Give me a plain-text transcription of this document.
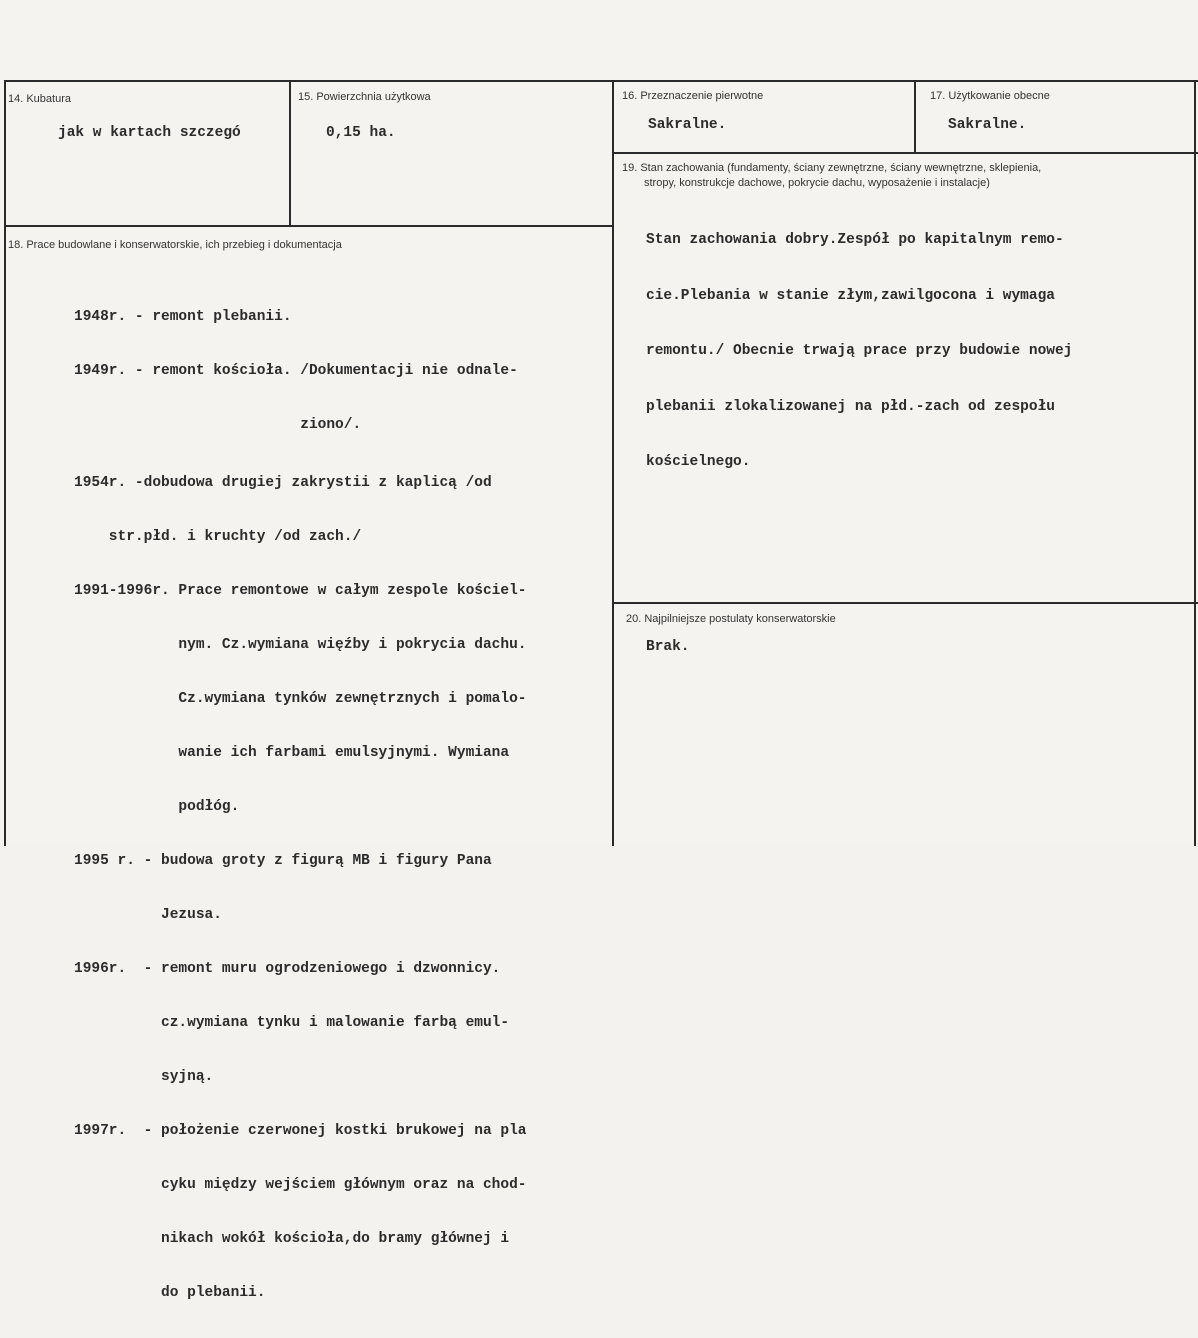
14. Kubatura
jak w kartach szczegó
15. Powierzchnia użytkowa
0,15 ha.
16. Przeznaczenie pierwotne
Sakralne.
17. Użytkowanie obecne
Sakralne.
18. Prace budowlane i konserwatorskie, ich przebieg i dokumentacja

1948r. - remont plebanii.

1949r. - remont kościoła. /Dokumentacji nie odnale-

ziono/.

1954r. -dobudowa drugiej zakrystii z kaplicą /od

str.płd. i kruchty /od zach./

1991-1996r. Prace remontowe w całym zespole kościel-

nym. Cz.wymiana więźby i pokrycia dachu.

Cz.wymiana tynków zewnętrznych i pomalo-

wanie ich farbami emulsyjnymi. Wymiana

podłóg.

1995 r. - budowa groty z figurą MB i figury Pana

Jezusa.

1996r.  - remont muru ogrodzeniowego i dzwonnicy.

cz.wymiana tynku i malowanie farbą emul-

syjną.

1997r.  - położenie czerwonej kostki brukowej na pla

cyku między wejściem głównym oraz na chod-

nikach wokół kościoła,do bramy głównej i

do plebanii.

19. Stan zachowania (fundamenty, ściany zewnętrzne, ściany wewnętrzne, sklepienia,
stropy, konstrukcje dachowe, pokrycie dachu, wyposażenie i instalacje)

Stan zachowania dobry.Zespół po kapitalnym remo-

cie.Plebania w stanie złym,zawilgocona i wymaga

remontu./ Obecnie trwają prace przy budowie nowej

plebanii zlokalizowanej na płd.-zach od zespołu

kościelnego.

20. Najpilniejsze postulaty konserwatorskie
Brak.
